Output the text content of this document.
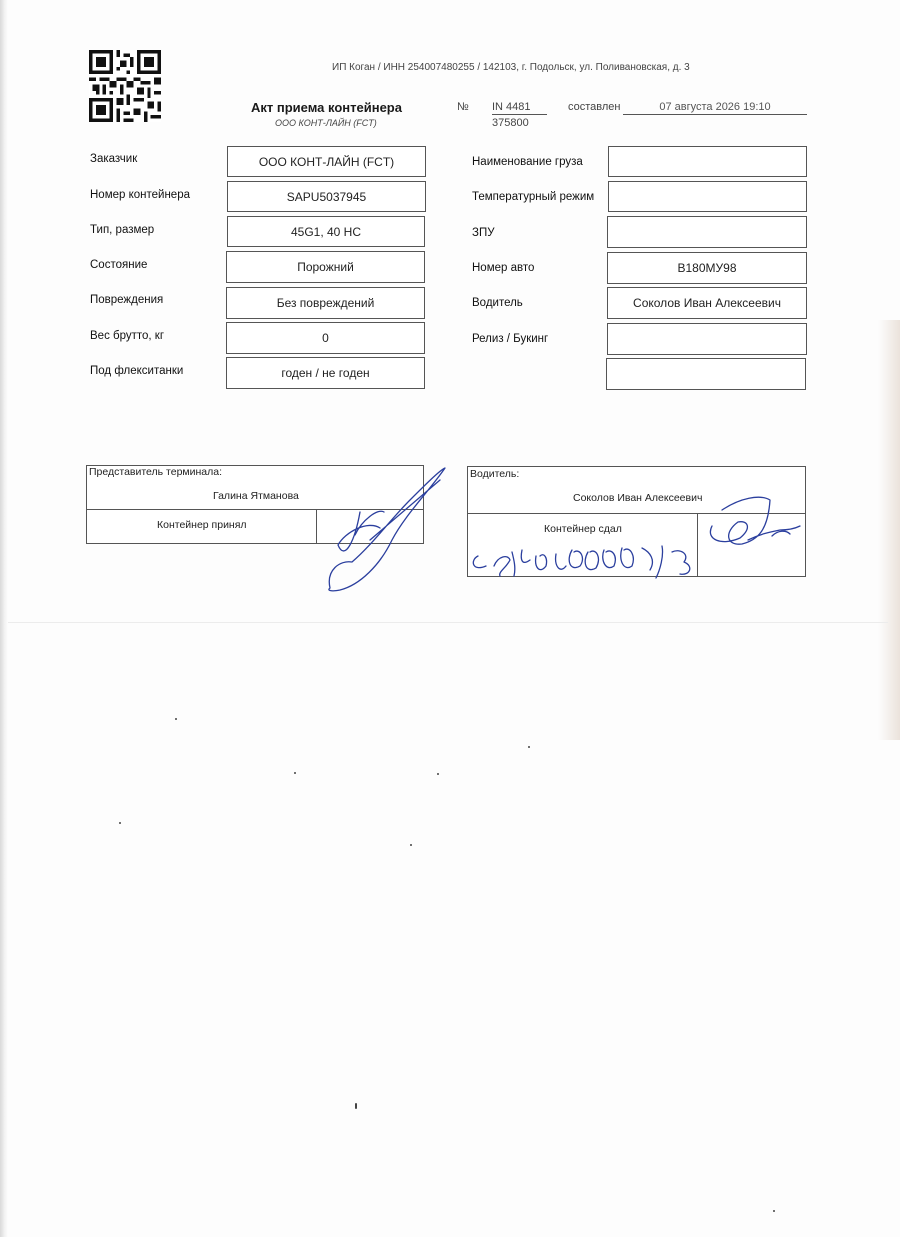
ИП Коган / ИНН 254007480255 / 142103, г. Подольск, ул. Поливановская, д. 3
Акт приема контейнера
ООО КОНТ-ЛАЙН (FCT)
№ IN 4481
375800
составлен	07 августа 2026 19:10
Заказчик	ООО КОНТ-ЛАЙН (FCT)
Номер контейнера	SAPU5037945
Тип, размер	45G1, 40 HC
Состояние	Порожний
Повреждения	Без повреждений
Вес брутто, кг	0
Под флекситанки	годен / не годен
Наименование груза
Температурный режим
ЗПУ
Номер авто	В180МУ98
Водитель	Соколов Иван Алексеевич
Релиз / Букинг
Представитель терминала:
Галина Ятманова
Контейнер принял
Водитель:
Соколов Иван Алексеевич
Контейнер сдал
